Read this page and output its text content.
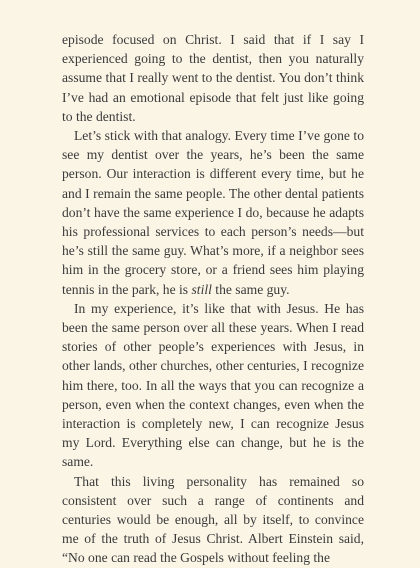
episode focused on Christ. I said that if I say I experienced going to the dentist, then you naturally assume that I really went to the dentist. You don’t think I’ve had an emotional episode that felt just like going to the dentist.

Let’s stick with that analogy. Every time I’ve gone to see my dentist over the years, he’s been the same person. Our interaction is different every time, but he and I remain the same people. The other dental patients don’t have the same experience I do, because he adapts his professional services to each person’s needs—but he’s still the same guy. What’s more, if a neighbor sees him in the grocery store, or a friend sees him playing tennis in the park, he is still the same guy.

In my experience, it’s like that with Jesus. He has been the same person over all these years. When I read stories of other people’s experiences with Jesus, in other lands, other churches, other centuries, I recognize him there, too. In all the ways that you can recognize a person, even when the context changes, even when the interaction is completely new, I can recognize Jesus my Lord. Everything else can change, but he is the same.

That this living personality has remained so consistent over such a range of continents and centuries would be enough, all by itself, to convince me of the truth of Jesus Christ. Albert Einstein said, “No one can read the Gospels without feeling the
